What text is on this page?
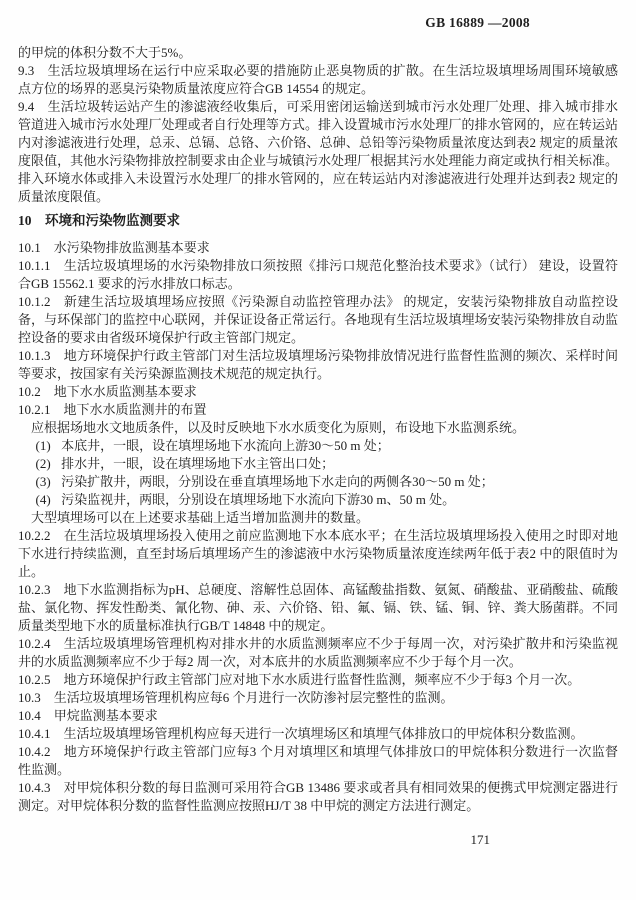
GB 16889 —2008

的甲烷的体积分数不大于5%。

9.3 生活垃圾填埋场在运行中应采取必要的措施防止恶臭物质的扩散。在生活垃圾填埋场周围环境敏感点方位的场界的恶臭污染物质量浓度应符合GB 14554 的规定。

9.4 生活垃圾转运站产生的渗滤液经收集后，可采用密闭运输送到城市污水处理厂处理、排入城市排水管道进入城市污水处理厂处理或者自行处理等方式。排入设置城市污水处理厂的排水管网的，应在转运站内对渗滤液进行处理，总汞、总镉、总铬、六价铬、总砷、总铅等污染物质量浓度达到表2 规定的质量浓度限值，其他水污染物排放控制要求由企业与城镇污水处理厂根据其污水处理能力商定或执行相关标准。排入环境水体或排入未设置污水处理厂的排水管网的，应在转运站内对渗滤液进行处理并达到表2 规定的质量浓度限值。

10 环境和污染物监测要求

10.1 水污染物排放监测基本要求

10.1.1 生活垃圾填埋场的水污染物排放口须按照《排污口规范化整治技术要求》（试行） 建设，设置符合GB 15562.1 要求的污水排放口标志。

10.1.2 新建生活垃圾填埋场应按照《污染源自动监控管理办法》 的规定，安装污染物排放自动监控设备，与环保部门的监控中心联网，并保证设备正常运行。各地现有生活垃圾填埋场安装污染物排放自动监控设备的要求由省级环境保护行政主管部门规定。

10.1.3 地方环境保护行政主管部门对生活垃圾填埋场污染物排放情况进行监督性监测的频次、采样时间等要求，按国家有关污染源监测技术规范的规定执行。

10.2 地下水水质监测基本要求

10.2.1 地下水水质监测井的布置

应根据场地水文地质条件，以及时反映地下水水质变化为原则，布设地下水监测系统。

(1) 本底井，一眼，设在填埋场地下水流向上游30～50 m 处；

(2) 排水井，一眼，设在填埋场地下水主管出口处；

(3) 污染扩散井，两眼，分别设在垂直填埋场地下水走向的两侧各30～50 m 处；

(4) 污染监视井，两眼，分别设在填埋场地下水流向下游30 m、50 m 处。

大型填埋场可以在上述要求基础上适当增加监测井的数量。

10.2.2 在生活垃圾填埋场投入使用之前应监测地下水本底水平；在生活垃圾填埋场投入使用之时即对地下水进行持续监测，直至封场后填埋场产生的渗滤液中水污染物质量浓度连续两年低于表2 中的限值时为止。

10.2.3 地下水监测指标为pH、总硬度、溶解性总固体、高锰酸盐指数、氨氮、硝酸盐、亚硝酸盐、硫酸盐、氯化物、挥发性酚类、氰化物、砷、汞、六价铬、铅、氟、镉、铁、锰、铜、锌、粪大肠菌群。不同质量类型地下水的质量标准执行GB/T 14848 中的规定。

10.2.4 生活垃圾填埋场管理机构对排水井的水质监测频率应不少于每周一次，对污染扩散井和污染监视井的水质监测频率应不少于每2 周一次，对本底井的水质监测频率应不少于每个月一次。

10.2.5 地方环境保护行政主管部门应对地下水水质进行监督性监测，频率应不少于每3 个月一次。

10.3 生活垃圾填埋场管理机构应每6 个月进行一次防渗衬层完整性的监测。

10.4 甲烷监测基本要求

10.4.1 生活垃圾填埋场管理机构应每天进行一次填埋场区和填埋气体排放口的甲烷体积分数监测。

10.4.2 地方环境保护行政主管部门应每3 个月对填埋区和填埋气体排放口的甲烷体积分数进行一次监督性监测。

10.4.3 对甲烷体积分数的每日监测可采用符合GB 13486 要求或者具有相同效果的便携式甲烷测定器进行测定。对甲烷体积分数的监督性监测应按照HJ/T 38 中甲烷的测定方法进行测定。

171
